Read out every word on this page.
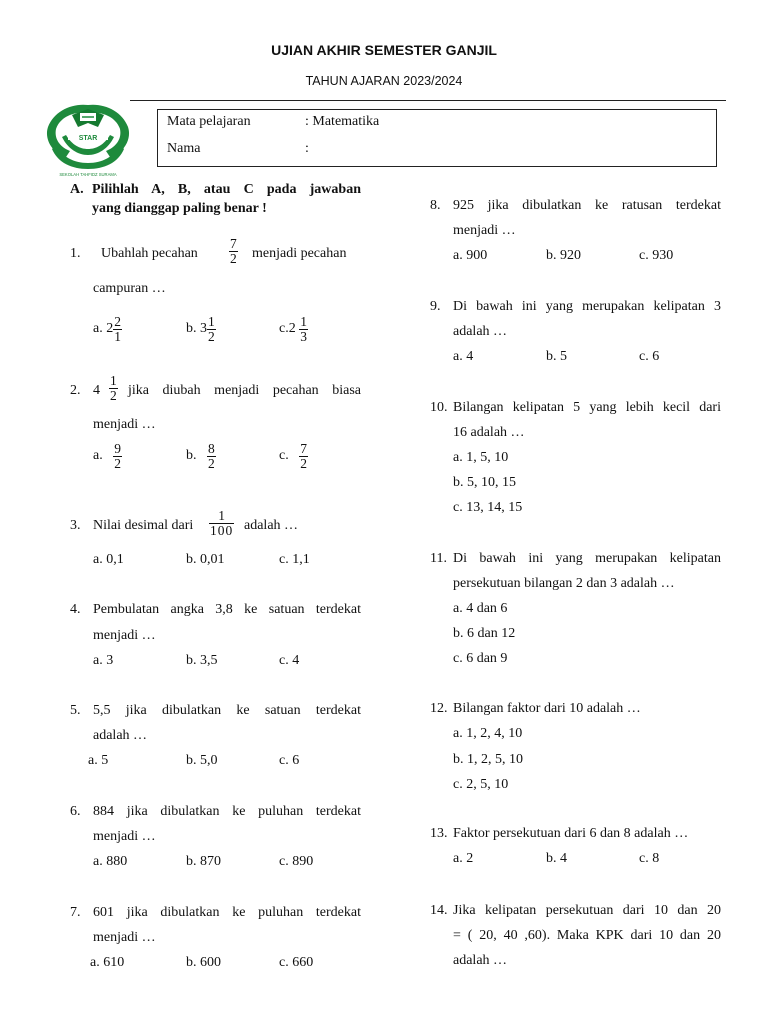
UJIAN AKHIR SEMESTER GANJIL
TAHUN AJARAN 2023/2024
STAR
SEKOLAH TAHFIDZ SURAMA
Mata pelajaran	: Matematika
Nama	:
A. Pilihlah A, B, atau C pada jawaban
yang dianggap paling benar !
1. Ubahlah pecahan $\frac{7}{2}$ menjadi pecahan
campuran …
a. $2 \frac{2}{1}$	b. $3 \frac{1}{2}$	$c.2 \frac{1}{3}$
2. $4 \frac{1}{2}$ jika diubah menjadi pecahan biasa
menjadi …
a. $\frac{9}{2}$	b. $\frac{8}{2}$	c. $\frac{7}{2}$
3. Nilai desimal dari $\frac{1}{100}$ adalah …
a. 0,1	b. 0,01	c. 1,1
4. Pembulatan angka 3,8 ke satuan terdekat
menjadi …
a. 3	b. 3,5	c. 4
5. 5,5 jika dibulatkan ke satuan terdekat
adalah …
a. 5	b. 5,0	c. 6
6. 884 jika dibulatkan ke puluhan terdekat
menjadi …
a. 880	b. 870	c. 890
7. 601 jika dibulatkan ke puluhan terdekat
menjadi …
a. 610	b. 600	c. 660
8. 925 jika dibulatkan ke ratusan terdekat
menjadi …
a. 900	b. 920	c. 930
9. Di bawah ini yang merupakan kelipatan 3
adalah …
a. 4	b. 5	c. 6
10. Bilangan kelipatan 5 yang lebih kecil dari
16 adalah …
a. 1, 5, 10
b. 5, 10, 15
c. 13, 14, 15
11. Di bawah ini yang merupakan kelipatan
persekutuan bilangan 2 dan 3 adalah …
a. 4 dan 6
b. 6 dan 12
c. 6 dan 9
12. Bilangan faktor dari 10 adalah …
a. 1, 2, 4, 10
b. 1, 2, 5, 10
c. 2, 5, 10
13. Faktor persekutuan dari 6 dan 8 adalah …
a. 2	b. 4	c. 8
14. Jika kelipatan persekutuan dari 10 dan 20
= ( 20, 40 ,60). Maka KPK dari 10 dan 20
adalah …
